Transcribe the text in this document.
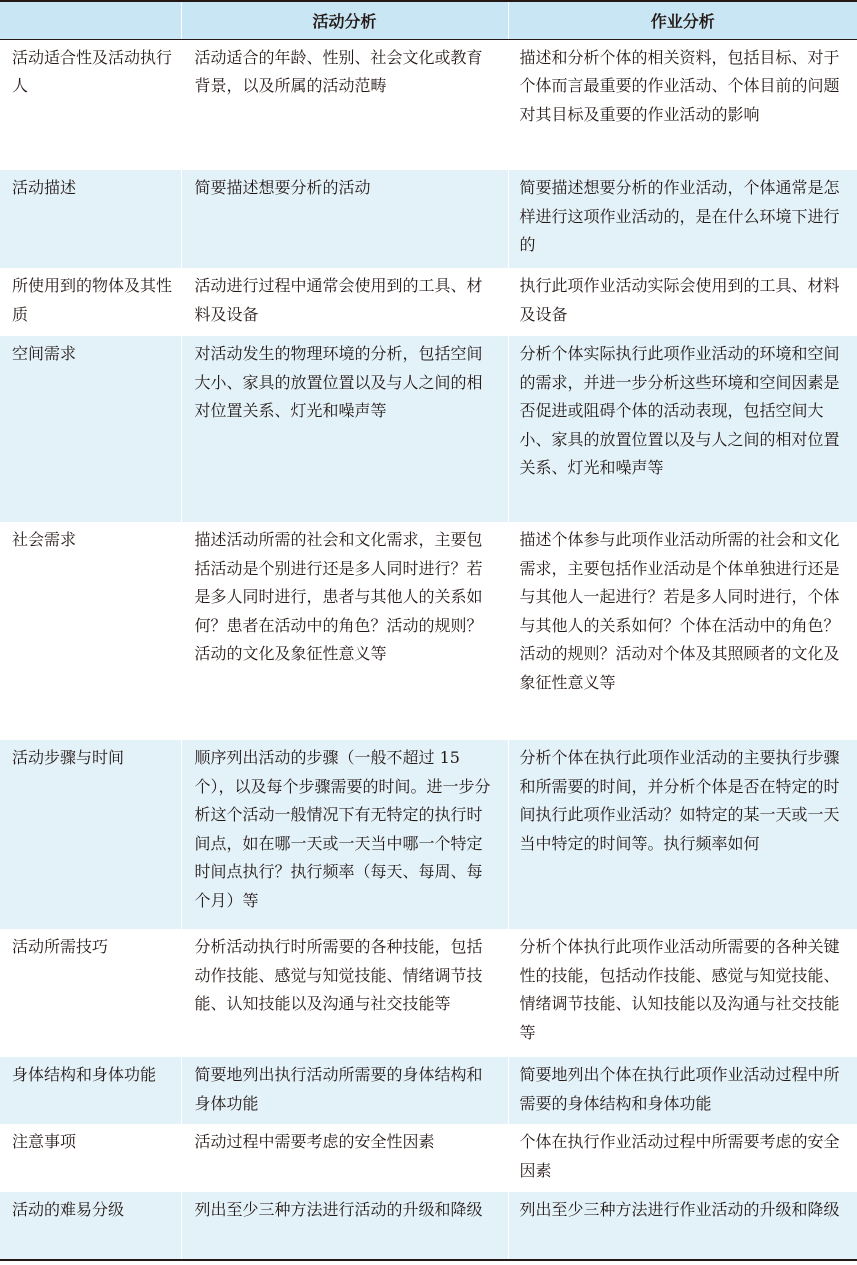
	活动分析	作业分析
活动适合性及活动执行人	活动适合的年龄、性别、社会文化或教育背景，以及所属的活动范畴	描述和分析个体的相关资料，包括目标、对于个体而言最重要的作业活动、个体目前的问题对其目标及重要的作业活动的影响
活动描述	简要描述想要分析的活动	简要描述想要分析的作业活动，个体通常是怎样进行这项作业活动的，是在什么环境下进行的
所使用到的物体及其性质	活动进行过程中通常会使用到的工具、材料及设备	执行此项作业活动实际会使用到的工具、材料及设备
空间需求	对活动发生的物理环境的分析，包括空间大小、家具的放置位置以及与人之间的相对位置关系、灯光和噪声等	分析个体实际执行此项作业活动的环境和空间的需求，并进一步分析这些环境和空间因素是否促进或阻碍个体的活动表现，包括空间大小、家具的放置位置以及与人之间的相对位置关系、灯光和噪声等
社会需求	描述活动所需的社会和文化需求，主要包括活动是个别进行还是多人同时进行？若是多人同时进行，患者与其他人的关系如何？患者在活动中的角色？活动的规则？活动的文化及象征性意义等	描述个体参与此项作业活动所需的社会和文化需求，主要包括作业活动是个体单独进行还是与其他人一起进行？若是多人同时进行，个体与其他人的关系如何？个体在活动中的角色？活动的规则？活动对个体及其照顾者的文化及象征性意义等
活动步骤与时间	顺序列出活动的步骤（一般不超过 15 个），以及每个步骤需要的时间。进一步分析这个活动一般情况下有无特定的执行时间点，如在哪一天或一天当中哪一个特定时间点执行？执行频率（每天、每周、每个月）等	分析个体在执行此项作业活动的主要执行步骤和所需要的时间，并分析个体是否在特定的时间执行此项作业活动？如特定的某一天或一天当中特定的时间等。执行频率如何
活动所需技巧	分析活动执行时所需要的各种技能，包括动作技能、感觉与知觉技能、情绪调节技能、认知技能以及沟通与社交技能等	分析个体执行此项作业活动所需要的各种关键性的技能，包括动作技能、感觉与知觉技能、情绪调节技能、认知技能以及沟通与社交技能等
身体结构和身体功能	简要地列出执行活动所需要的身体结构和身体功能	简要地列出个体在执行此项作业活动过程中所需要的身体结构和身体功能
注意事项	活动过程中需要考虑的安全性因素	个体在执行作业活动过程中所需要考虑的安全因素
活动的难易分级	列出至少三种方法进行活动的升级和降级	列出至少三种方法进行作业活动的升级和降级
